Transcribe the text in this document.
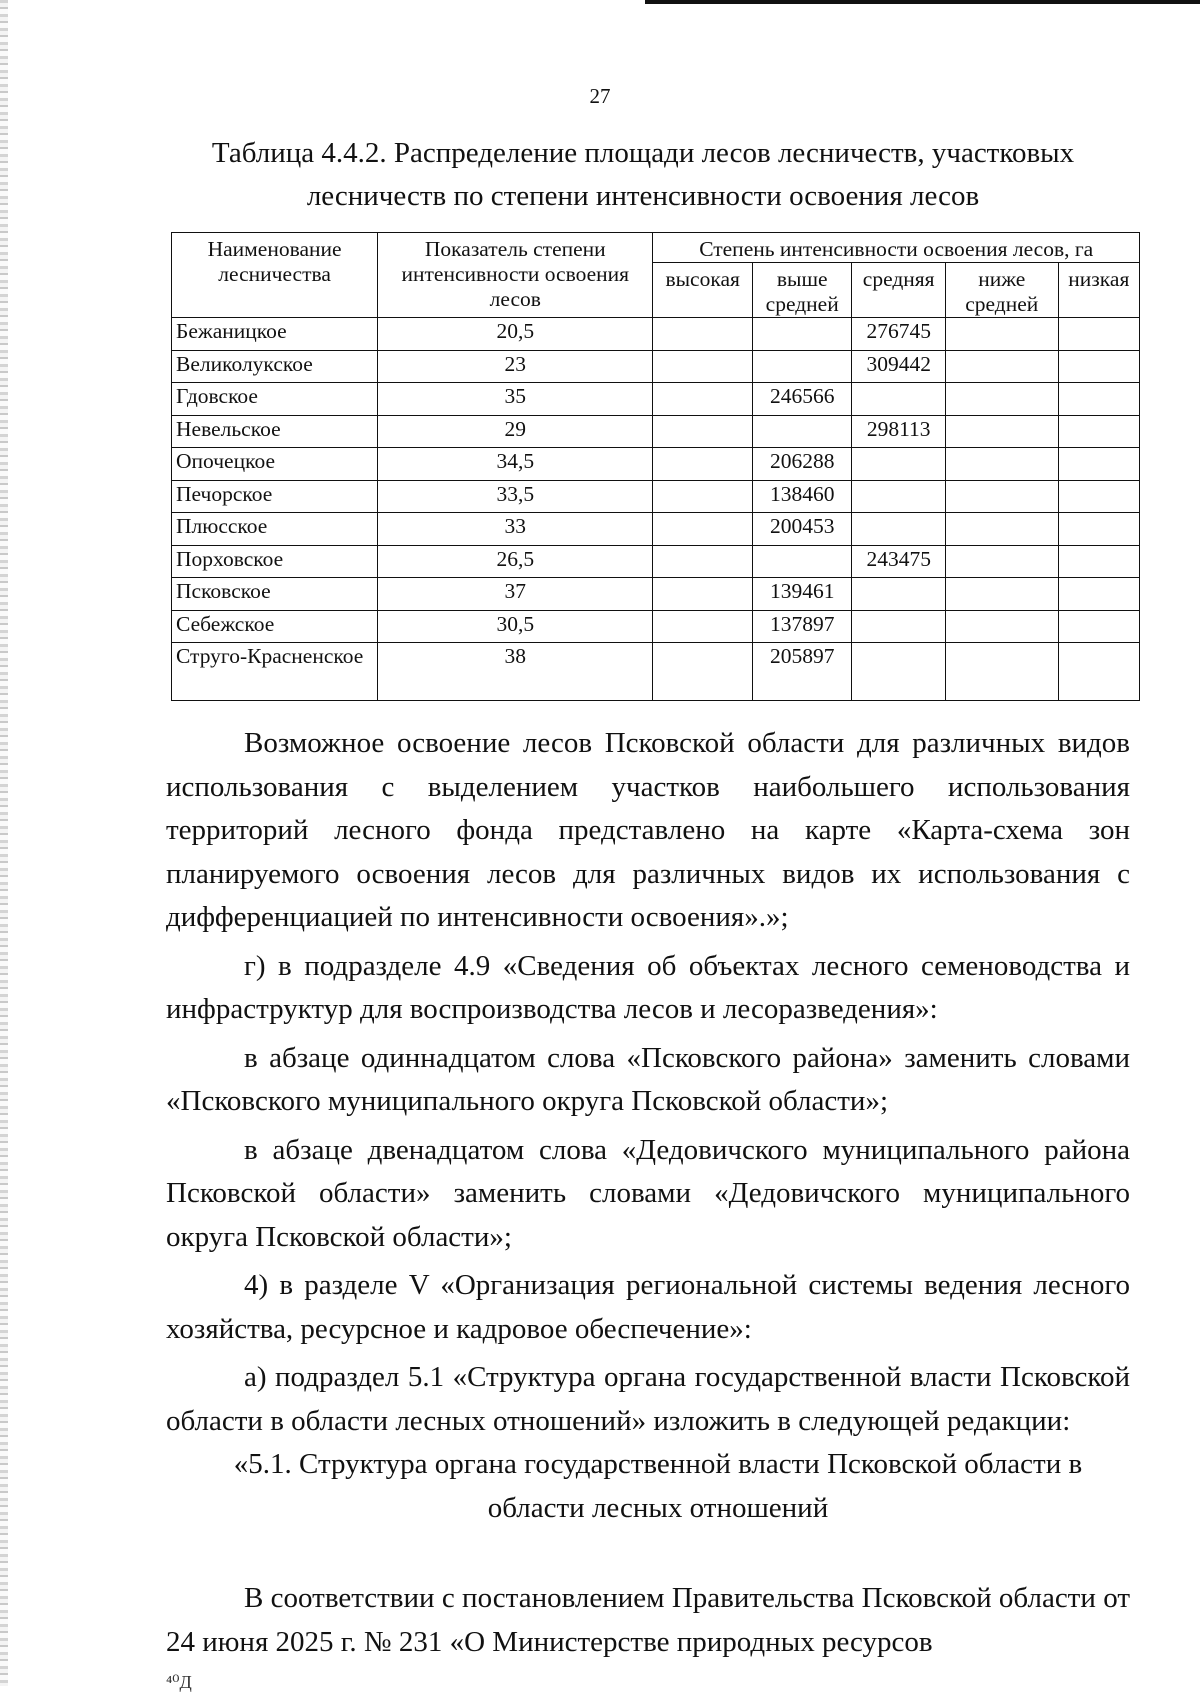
27
Таблица 4.4.2. Распределение площади лесов лесничеств, участковых лесничеств по степени интенсивности освоения лесов
Наименование лесничества	Показатель степени интенсивности освоения лесов	Степень интенсивности освоения лесов, га				
		высокая	выше средней	средняя	ниже средней	низкая
Бежаницкое	20,5			276745		
Великолукское	23			309442		
Гдовское	35		246566			
Невельское	29			298113		
Опочецкое	34,5		206288			
Печорское	33,5		138460			
Плюсское	33		200453			
Порховское	26,5			243475		
Псковское	37		139461			
Себежское	30,5		137897			
Струго-Красненское	38		205897			

Возможное освоение лесов Псковской области для различных видов использования с выделением участков наибольшего использования территорий лесного фонда представлено на карте «Карта-схема зон планируемого освоения лесов для различных видов их использования с дифференциацией по интенсивности освоения».»;

г) в подразделе 4.9 «Сведения об объектах лесного семеноводства и инфраструктур для воспроизводства лесов и лесоразведения»:

в абзаце одиннадцатом слова «Псковского района» заменить словами «Псковского муниципального округа Псковской области»;

в абзаце двенадцатом слова «Дедовичского муниципального района Псковской области» заменить словами «Дедовичского муниципального округа Псковской области»;

4) в разделе V «Организация региональной системы ведения лесного хозяйства, ресурсное и кадровое обеспечение»:

а) подраздел 5.1 «Структура органа государственной власти Псковской области в области лесных отношений» изложить в следующей редакции:

«5.1. Структура органа государственной власти Псковской области в области лесных отношений

В соответствии с постановлением Правительства Псковской области от 24 июня 2025 г. № 231 «О Министерстве природных ресурсов

⁴⁰Д
